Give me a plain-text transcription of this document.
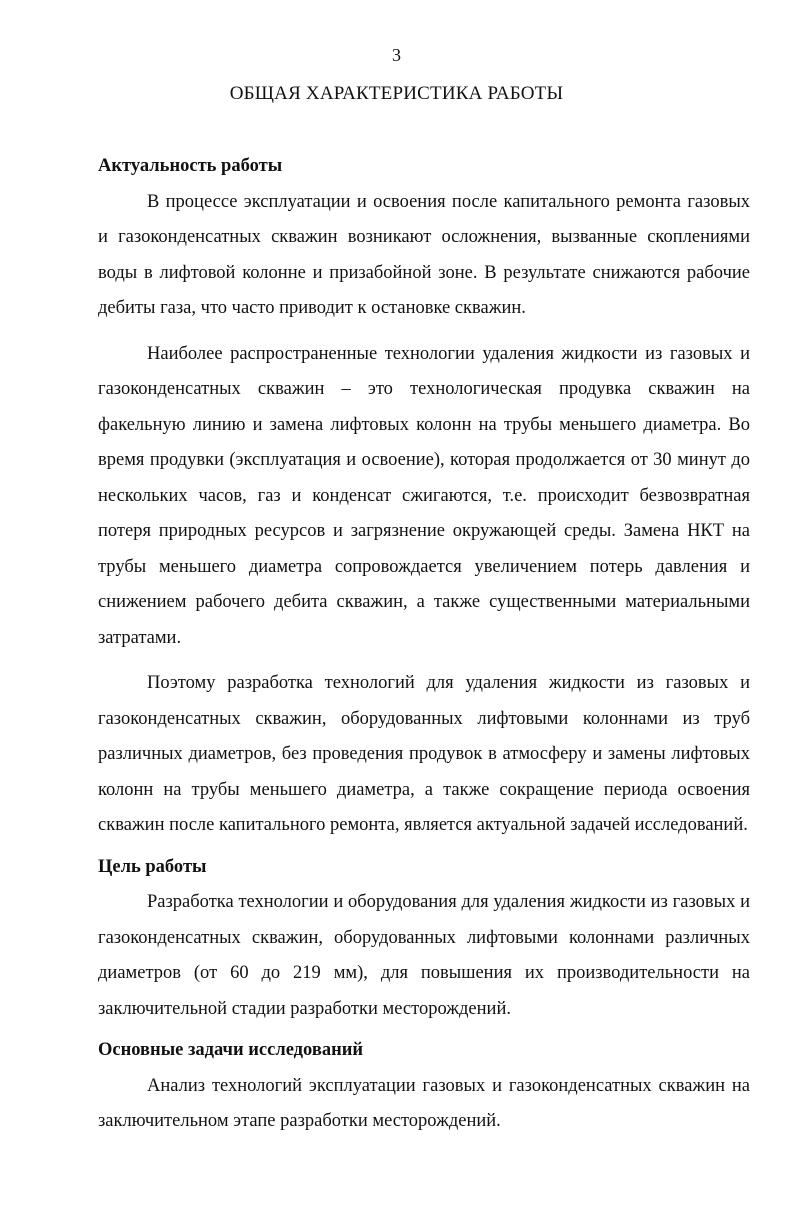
3
ОБЩАЯ ХАРАКТЕРИСТИКА РАБОТЫ
Актуальность работы

В процессе эксплуатации и освоения после капитального ремонта газовых и газоконденсатных скважин возникают осложнения, вызванные скоплениями воды в лифтовой колонне и призабойной зоне. В результате снижаются рабочие дебиты газа, что часто приводит к остановке скважин.

Наиболее распространенные технологии удаления жидкости из газовых и газоконденсатных скважин – это технологическая продувка скважин на факельную линию и замена лифтовых колонн на трубы меньшего диаметра. Во время продувки (эксплуатация и освоение), которая продолжается от 30 минут до нескольких часов, газ и конденсат сжигаются, т.е. происходит безвозвратная потеря природных ресурсов и загрязнение окружающей среды. Замена НКТ на трубы меньшего диаметра сопровождается увеличением потерь давления и снижением рабочего дебита скважин, а также существенными материальными затратами.

Поэтому разработка технологий для удаления жидкости из газовых и газоконденсатных скважин, оборудованных лифтовыми колоннами из труб различных диаметров, без проведения продувок в атмосферу и замены лифтовых колонн на трубы меньшего диаметра, а также сокращение периода освоения скважин после капитального ремонта, является актуальной задачей исследований.

Цель работы

Разработка технологии и оборудования для удаления жидкости из газовых и газоконденсатных скважин, оборудованных лифтовыми колоннами различных диаметров (от 60 до 219 мм), для повышения их производительности на заключительной стадии разработки месторождений.

Основные задачи исследований

Анализ технологий эксплуатации газовых и газоконденсатных скважин на заключительном этапе разработки месторождений.
